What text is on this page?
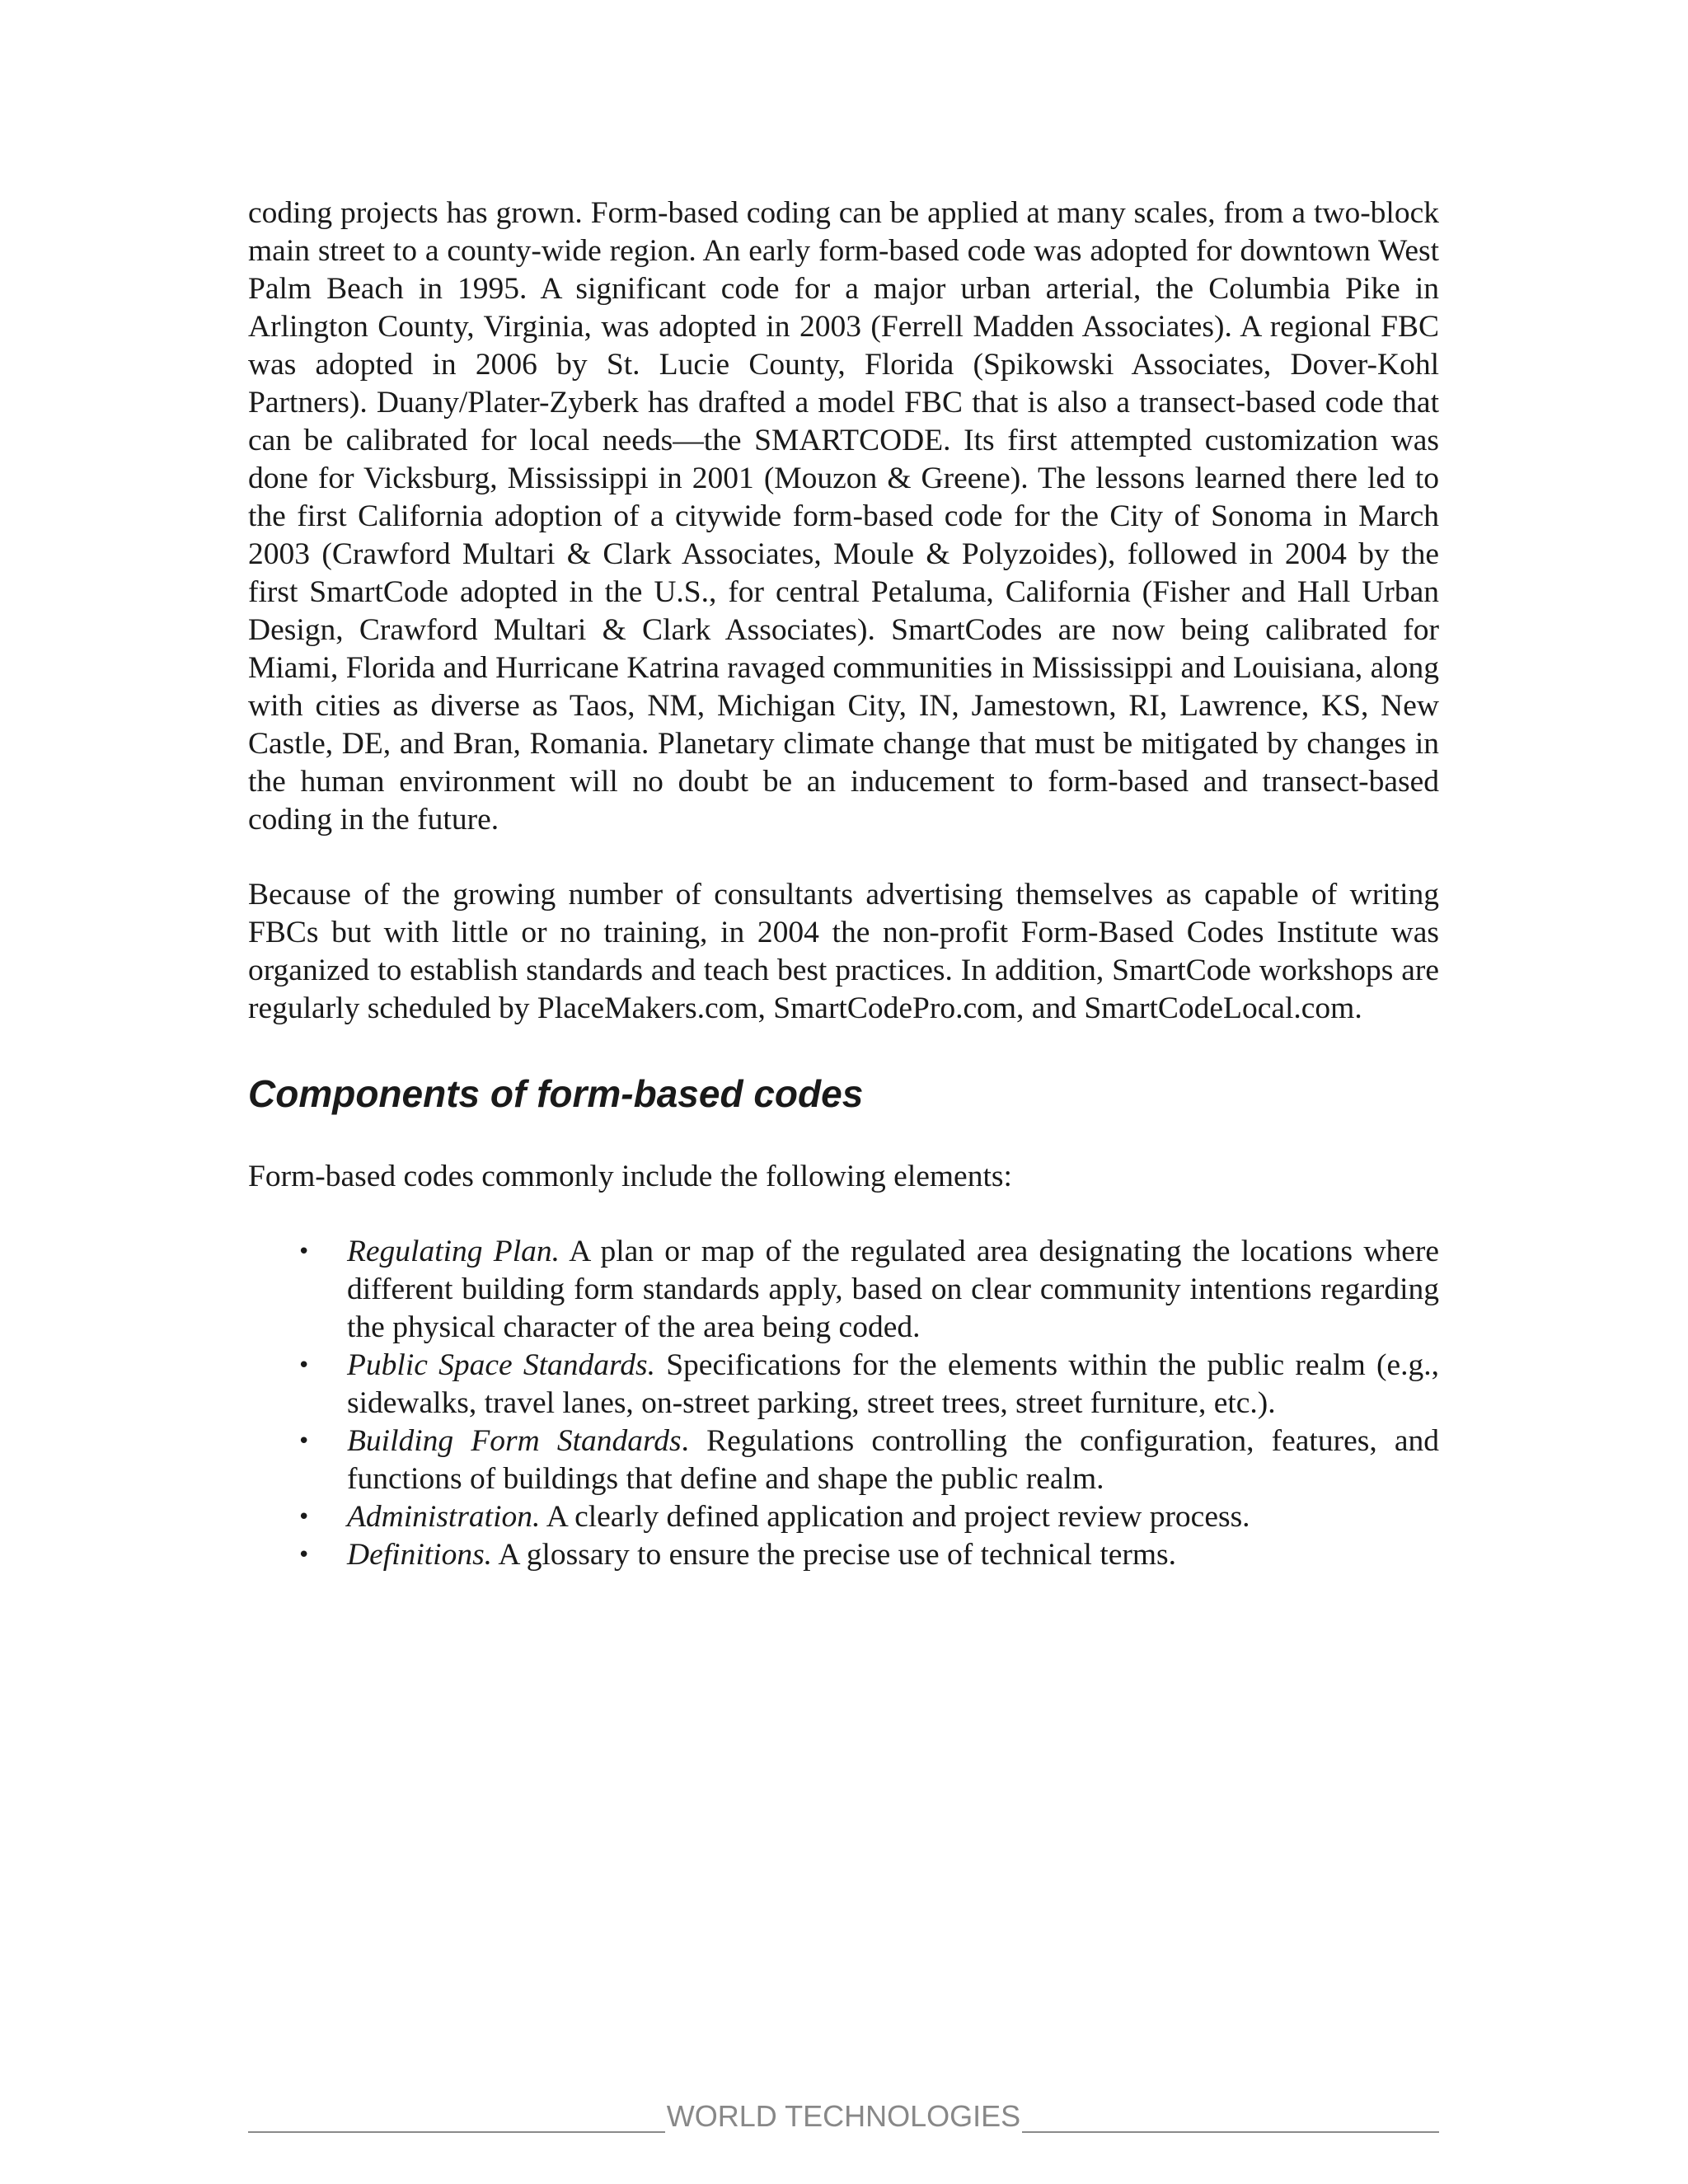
coding projects has grown. Form-based coding can be applied at many scales, from a two-block main street to a county-wide region. An early form-based code was adopted for downtown West Palm Beach in 1995. A significant code for a major urban arterial, the Columbia Pike in Arlington County, Virginia, was adopted in 2003 (Ferrell Madden Associates). A regional FBC was adopted in 2006 by St. Lucie County, Florida (Spikowski Associates, Dover-Kohl Partners). Duany/Plater-Zyberk has drafted a model FBC that is also a transect-based code that can be calibrated for local needs—the SMARTCODE. Its first attempted customization was done for Vicksburg, Mississippi in 2001 (Mouzon & Greene). The lessons learned there led to the first California adoption of a citywide form-based code for the City of Sonoma in March 2003 (Crawford Multari & Clark Associates, Moule & Polyzoides), followed in 2004 by the first SmartCode adopted in the U.S., for central Petaluma, California (Fisher and Hall Urban Design, Crawford Multari & Clark Associates). SmartCodes are now being calibrated for Miami, Florida and Hurricane Katrina ravaged communities in Mississippi and Louisiana, along with cities as diverse as Taos, NM, Michigan City, IN, Jamestown, RI, Lawrence, KS, New Castle, DE, and Bran, Romania. Planetary climate change that must be mitigated by changes in the human environment will no doubt be an inducement to form-based and transect-based coding in the future.

Because of the growing number of consultants advertising themselves as capable of writing FBCs but with little or no training, in 2004 the non-profit Form-Based Codes Institute was organized to establish standards and teach best practices. In addition, SmartCode workshops are regularly scheduled by PlaceMakers.com, SmartCodePro.com, and SmartCodeLocal.com.

Components of form-based codes

Form-based codes commonly include the following elements:

• Regulating Plan. A plan or map of the regulated area designating the locations where different building form standards apply, based on clear community intentions regarding the physical character of the area being coded.
• Public Space Standards. Specifications for the elements within the public realm (e.g., sidewalks, travel lanes, on-street parking, street trees, street furniture, etc.).
• Building Form Standards. Regulations controlling the configuration, features, and functions of buildings that define and shape the public realm.
• Administration. A clearly defined application and project review process.
• Definitions. A glossary to ensure the precise use of technical terms.
WORLD TECHNOLOGIES
